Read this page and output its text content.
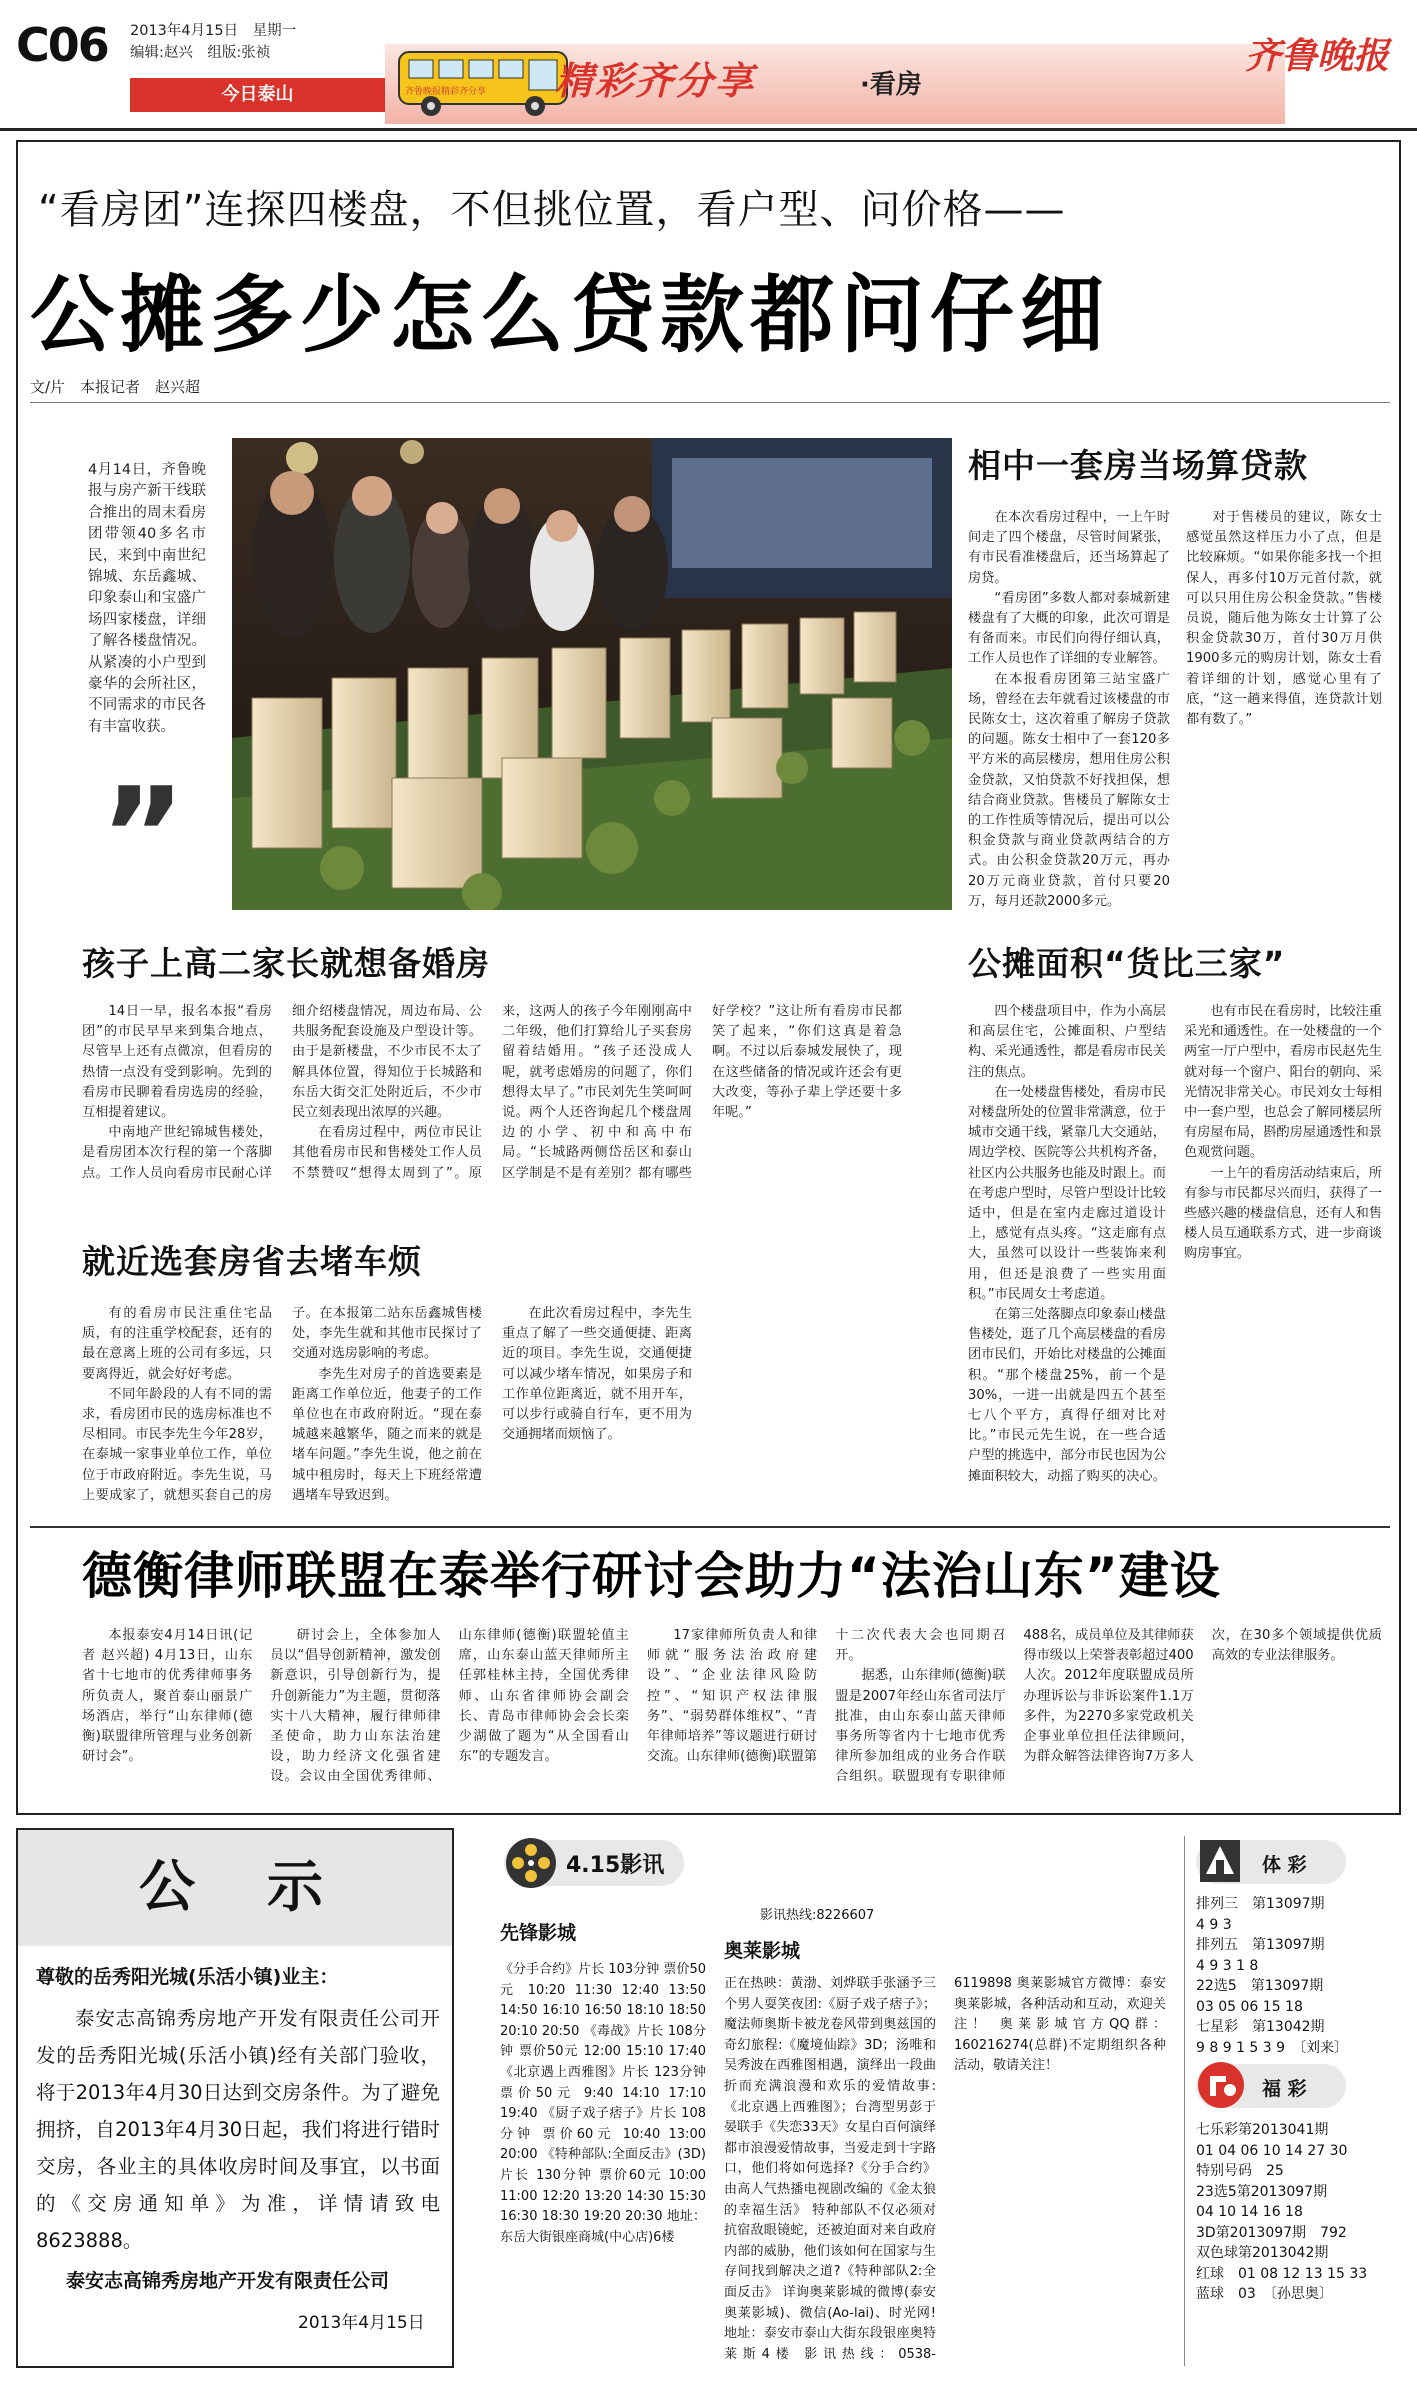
C06 2013年4月15日　星期一
编辑:赵兴　组版:张祯
今日泰山	齐鲁晚报精彩齐分享 精彩齐分享	·看房
齐鲁晚报
“看房团”连探四楼盘，不但挑位置，看户型、问价格——
公摊多少怎么贷款都问仔细
文/片　本报记者　赵兴超
4月14日，齐鲁晚报与房产新干线联合推出的周末看房团带领40多名市民，来到中南世纪锦城、东岳鑫城、印象泰山和宝盛广场四家楼盘，详细了解各楼盘情况。从紧凑的小户型到豪华的会所社区，不同需求的市民各有丰富收获。
”
相中一套房当场算贷款

在本次看房过程中，一上午时间走了四个楼盘，尽管时间紧张，有市民看准楼盘后，还当场算起了房贷。

“看房团”多数人都对泰城新建楼盘有了大概的印象，此次可谓是有备而来。市民们向得仔细认真，工作人员也作了详细的专业解答。

在本报看房团第三站宝盛广场，曾经在去年就看过该楼盘的市民陈女士，这次着重了解房子贷款的问题。陈女士相中了一套120多平方米的高层楼房，想用住房公积金贷款，又怕贷款不好找担保，想结合商业贷款。售楼员了解陈女士的工作性质等情况后，提出可以公积金贷款与商业贷款两结合的方式。由公积金贷款20万元，再办20万元商业贷款，首付只要20万，每月还款2000多元。

对于售楼员的建议，陈女士感觉虽然这样压力小了点，但是比较麻烦。“如果你能多找一个担保人，再多付10万元首付款，就可以只用住房公积金贷款。”售楼员说，随后他为陈女士计算了公积金贷款30万，首付30万月供1900多元的购房计划，陈女士看着详细的计划，感觉心里有了底，“这一趟来得值，连贷款计划都有数了。”

孩子上高二家长就想备婚房

14日一早，报名本报“看房团”的市民早早来到集合地点，尽管早上还有点微凉，但看房的热情一点没有受到影响。先到的看房市民聊着看房选房的经验，互相提着建议。

中南地产世纪锦城售楼处，是看房团本次行程的第一个落脚点。工作人员向看房市民耐心详细介绍楼盘情况，周边布局、公共服务配套设施及户型设计等。由于是新楼盘，不少市民不太了解具体位置，得知位于长城路和东岳大街交汇处附近后，不少市民立刻表现出浓厚的兴趣。

在看房过程中，两位市民让其他看房市民和售楼处工作人员不禁赞叹“想得太周到了”。原来，这两人的孩子今年刚刚高中二年级，他们打算给儿子买套房留着结婚用。“孩子还没成人呢，就考虑婚房的问题了，你们想得太早了。”市民刘先生笑呵呵说。两个人还咨询起几个楼盘周边的小学、初中和高中布局。“长城路两侧岱岳区和泰山区学制是不是有差别？都有哪些好学校？”这让所有看房市民都笑了起来，“你们这真是着急啊。不过以后泰城发展快了，现在这些储备的情况或许还会有更大改变，等孙子辈上学还要十多年呢。”

就近选套房省去堵车烦

有的看房市民注重住宅品质，有的注重学校配套，还有的最在意离上班的公司有多远，只要离得近，就会好好考虑。

不同年龄段的人有不同的需求，看房团市民的选房标准也不尽相同。市民李先生今年28岁，在泰城一家事业单位工作，单位位于市政府附近。李先生说，马上要成家了，就想买套自己的房子。在本报第二站东岳鑫城售楼处，李先生就和其他市民探讨了交通对选房影响的考虑。

李先生对房子的首选要素是距离工作单位近，他妻子的工作单位也在市政府附近。“现在泰城越来越繁华，随之而来的就是堵车问题。”李先生说，他之前在城中租房时，每天上下班经常遭遇堵车导致迟到。

在此次看房过程中，李先生重点了解了一些交通便捷、距离近的项目。李先生说，交通便捷可以减少堵车情况，如果房子和工作单位距离近，就不用开车，可以步行或骑自行车，更不用为交通拥堵而烦恼了。

公摊面积“货比三家”

四个楼盘项目中，作为小高层和高层住宅，公摊面积、户型结构、采光通透性，都是看房市民关注的焦点。

在一处楼盘售楼处，看房市民对楼盘所处的位置非常满意，位于城市交通干线，紧靠几大交通站，周边学校、医院等公共机构齐备，社区内公共服务也能及时跟上。而在考虑户型时，尽管户型设计比较适中，但是在室内走廊过道设计上，感觉有点头疼。“这走廊有点大，虽然可以设计一些装饰来利用，但还是浪费了一些实用面积。”市民周女士考虑道。

在第三处落脚点印象泰山楼盘售楼处，逛了几个高层楼盘的看房团市民们，开始比对楼盘的公摊面积。“那个楼盘25%，前一个是30%，一进一出就是四五个甚至七八个平方，真得仔细对比对比。”市民元先生说，在一些合适户型的挑选中，部分市民也因为公摊面积较大，动摇了购买的决心。

也有市民在看房时，比较注重采光和通透性。在一处楼盘的一个两室一厅户型中，看房市民赵先生就对每一个窗户、阳台的朝向、采光情况非常关心。市民刘女士每相中一套户型，也总会了解同楼层所有房屋布局，斟酌房屋通透性和景色观赏问题。

一上午的看房活动结束后，所有参与市民都尽兴而归，获得了一些感兴趣的楼盘信息，还有人和售楼人员互通联系方式，进一步商谈购房事宜。

德衡律师联盟在泰举行研讨会助力“法治山东”建设

本报泰安4月14日讯(记者 赵兴超) 4月13日，山东省十七地市的优秀律师事务所负责人，聚首泰山丽景广场酒店，举行“山东律师(德衡)联盟律所管理与业务创新研讨会”。

研讨会上，全体参加人员以“倡导创新精神，激发创新意识，引导创新行为，提升创新能力”为主题，贯彻落实十八大精神，履行律师律圣使命，助力山东法治建设，助力经济文化强省建设。会议由全国优秀律师、山东律师(德衡)联盟轮值主席，山东泰山蓝天律师所主任郭桂林主持，全国优秀律师、山东省律师协会副会长、青岛市律师协会会长栾少湖做了题为“从全国看山东”的专题发言。

17家律师所负责人和律师就“服务法治政府建设”、“企业法律风险防控”、“知识产权法律服务”、“弱势群体维权”、“青年律师培养”等议题进行研讨交流。山东律师(德衡)联盟第十二次代表大会也同期召开。

据悉，山东律师(德衡)联盟是2007年经山东省司法厅批准，由山东泰山蓝天律师事务所等省内十七地市优秀律所参加组成的业务合作联合组织。联盟现有专职律师488名，成员单位及其律师获得市级以上荣誉表彰超过400人次。2012年度联盟成员所办理诉讼与非诉讼案件1.1万多件，为2270多家党政机关企事业单位担任法律顾问，为群众解答法律咨询7万多人次，在30多个领域提供优质高效的专业法律服务。

公　示
尊敬的岳秀阳光城(乐活小镇)业主：
泰安志高锦秀房地产开发有限责任公司开发的岳秀阳光城(乐活小镇)经有关部门验收，将于2013年4月30日达到交房条件。为了避免拥挤，自2013年4月30日起，我们将进行错时交房，各业主的具体收房时间及事宜，以书面的《交房通知单》为准，详情请致电8623888。
泰安志高锦秀房地产开发有限责任公司
2013年4月15日
4.15影讯
影讯热线:8226607
先锋影城
《分手合约》片长 103分钟 票价50元 10:20 11:30 12:40 13:50 14:50 16:10 16:50 18:10 18:50 20:10 20:50 《毒战》片长 108分钟 票价50元 12:00 15:10 17:40 《北京遇上西雅图》片长 123分钟 票价50元 9:40 14:10 17:10 19:40 《厨子戏子痞子》片长 108分钟 票价60元 10:40 13:00 20:00 《特种部队:全面反击》(3D)片长 130分钟 票价60元 10:00 11:00 12:20 13:20 14:30 15:30 16:30 18:30 19:20 20:30 地址：东岳大街银座商城(中心店)6楼
奥莱影城
正在热映：黄渤、刘烨联手张涵予三个男人耍笑夜团:《厨子戏子痞子》；魔法师奥斯卡被龙卷风带到奥兹国的奇幻旅程:《魔境仙踪》3D；汤唯和吴秀波在西雅图相遇，演绎出一段曲折而充满浪漫和欢乐的爱情故事:《北京遇上西雅图》；台湾型男彭于晏联手《失恋33天》女星白百何演绎都市浪漫爱情故事，当爱走到十字路口，他们将如何选择?《分手合约》 由高人气热播电视剧改编的《金太狼的幸福生活》 特种部队不仅必须对抗宿敌眼镜蛇，还被迫面对来自政府内部的威胁，他们该如何在国家与生存间找到解决之道?《特种部队2:全面反击》 详询奥莱影城的微博(泰安奥莱影城)、微信(Ao-lai)、时光网! 地址：泰安市泰山大街东段银座奥特莱斯4楼 影讯热线：0538-6119898 奥莱影城官方微博：泰安奥莱影城，各种活动和互动，欢迎关注！ 奥莱影城官方QQ群：160216274(总群)不定期组织各种活动，敬请关注！
体 彩
排列三　 第13097期
4 9 3
排列五　 第13097期
4 9 3 1 8
22选5　 第13097期
03 05 06 15 18
七星彩　 第13042期
9 8 9 1 5 3 9　 〔刘来〕
福 彩
七乐彩第2013041期
01 04 06 10 14 27 30
特别号码　 25
23选5第2013097期
04 10 14 16 18
3D第2013097期　 792
双色球第2013042期
红球　 01 08 12 13 15 33
蓝球　 03　 〔孙思奥〕
